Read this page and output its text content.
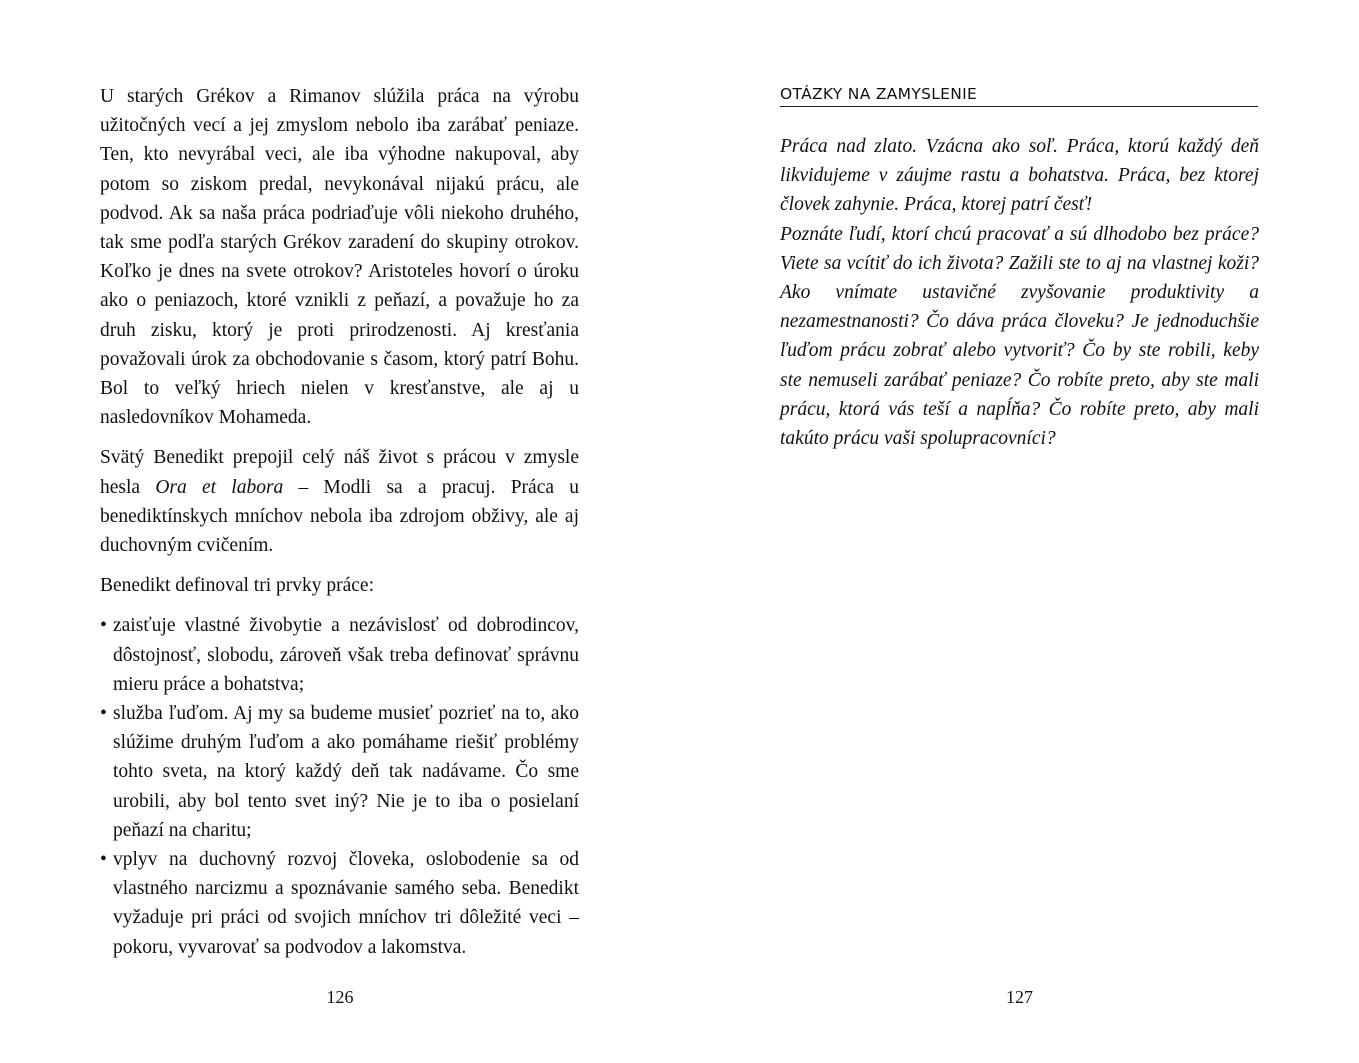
U starých Grékov a Rimanov slúžila práca na výrobu užitočných vecí a jej zmyslom nebolo iba zarábať peniaze. Ten, kto nevyrábal veci, ale iba výhodne nakupoval, aby potom so ziskom predal, nevykonával nijakú prácu, ale podvod. Ak sa naša práca podriaďuje vôli niekoho druhého, tak sme podľa starých Grékov zaradení do skupiny otrokov. Koľko je dnes na svete otrokov? Aristoteles hovorí o úroku ako o peniazoch, ktoré vznikli z peňazí, a považuje ho za druh zisku, ktorý je proti prirodzenosti. Aj kresťania považovali úrok za obchodovanie s časom, ktorý patrí Bohu. Bol to veľký hriech nielen v kresťanstve, ale aj u nasledovníkov Mohameda.

Svätý Benedikt prepojil celý náš život s prácou v zmysle hesla Ora et labora – Modli sa a pracuj. Práca u benediktínskych mníchov nebola iba zdrojom obživy, ale aj duchovným cvičením.

Benedikt definoval tri prvky práce:

• zaisťuje vlastné živobytie a nezávislosť od dobrodincov, dôstojnosť, slobodu, zároveň však treba definovať správnu mieru práce a bohatstva;
• služba ľuďom. Aj my sa budeme musieť pozrieť na to, ako slúžime druhým ľuďom a ako pomáhame riešiť problémy tohto sveta, na ktorý každý deň tak nadávame. Čo sme urobili, aby bol tento svet iný? Nie je to iba o posielaní peňazí na charitu;
• vplyv na duchovný rozvoj človeka, oslobodenie sa od vlastného narcizmu a spoznávanie samého seba. Benedikt vyžaduje pri práci od svojich mníchov tri dôležité veci – pokoru, vyvarovať sa podvodov a lakomstva.
126
OTÁZKY NA ZAMYSLENIE

Práca nad zlato. Vzácna ako soľ. Práca, ktorú každý deň likvidujeme v záujme rastu a bohatstva. Práca, bez ktorej človek zahynie. Práca, ktorej patrí česť!

Poznáte ľudí, ktorí chcú pracovať a sú dlhodobo bez práce? Viete sa vcítiť do ich života? Zažili ste to aj na vlastnej koži? Ako vnímate ustavičné zvyšovanie produktivity a nezamestnanosti? Čo dáva práca človeku? Je jednoduchšie ľuďom prácu zobrať alebo vytvoriť? Čo by ste robili, keby ste nemuseli zarábať peniaze? Čo robíte preto, aby ste mali prácu, ktorá vás teší a napĺňa? Čo robíte preto, aby mali takúto prácu vaši spolupracovníci?

127
